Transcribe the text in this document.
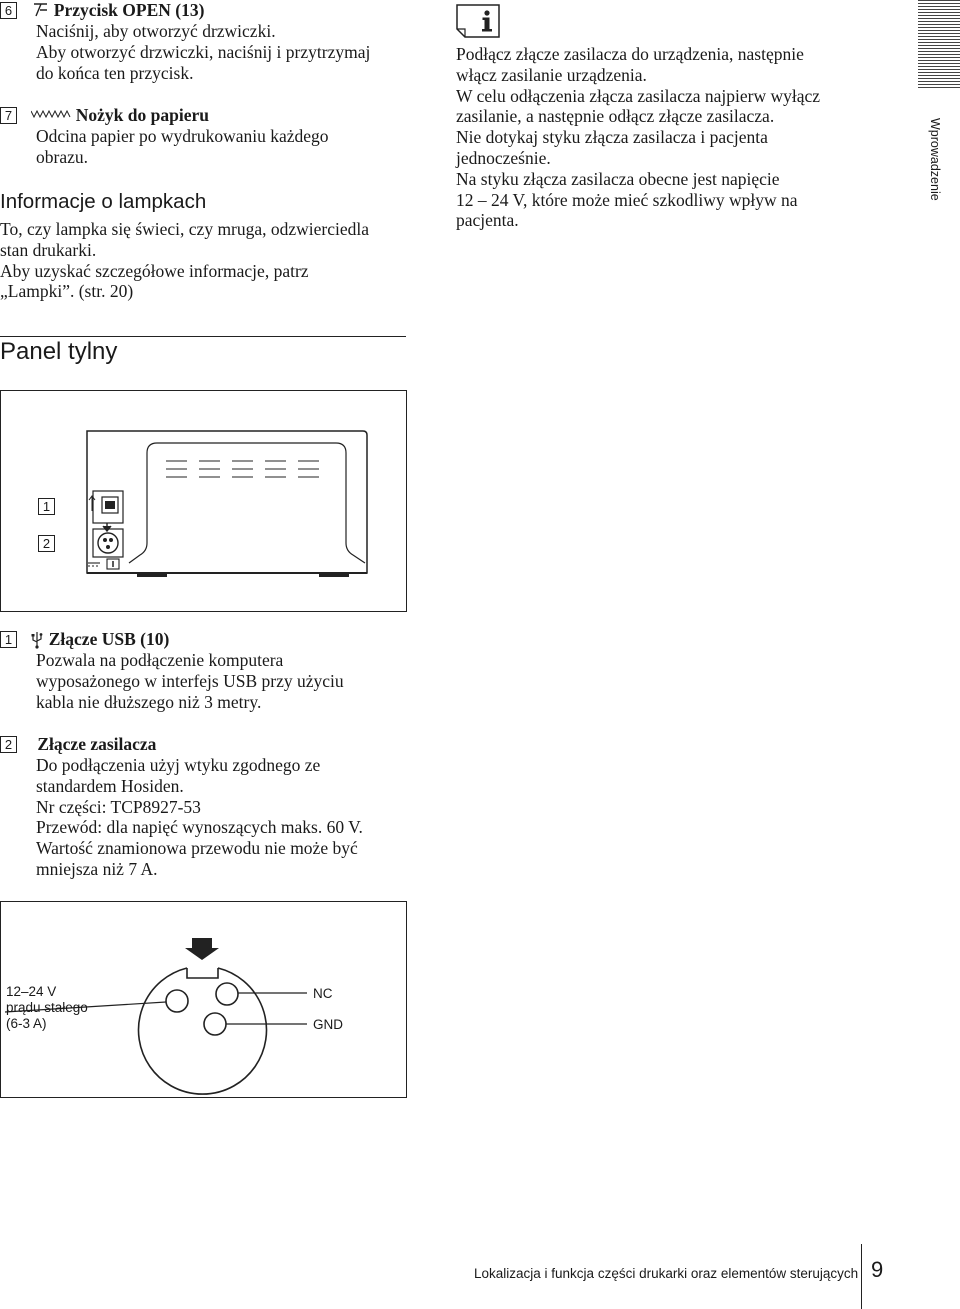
6 Przycisk OPEN (13)
Naciśnij, aby otworzyć drzwiczki.
Aby otworzyć drzwiczki, naciśnij i przytrzymaj
do końca ten przycisk.
7	Nożyk do papieru
Odcina papier po wydrukowaniu każdego
obrazu.
Informacje o lampkach
To, czy lampka się świeci, czy mruga, odzwierciedla
stan drukarki.
Aby uzyskać szczegółowe informacje, patrz
„Lampki”. (str. 20)
Podłącz złącze zasilacza do urządzenia, następnie
włącz zasilanie urządzenia.
W celu odłączenia złącza zasilacza najpierw wyłącz
zasilanie, a następnie odłącz złącze zasilacza.
Nie dotykaj styku złącza zasilacza i pacjenta
jednocześnie.
Na styku złącza zasilacza obecne jest napięcie
12 – 24 V, które może mieć szkodliwy wpływ na
pacjenta.
Wprowadzenie
Panel tylny
1
2
1 Złącze USB (10)
Pozwala na podłączenie komputera
wyposażonego w interfejs USB przy użyciu
kabla nie dłuższego niż 3 metry.
2 Złącze zasilacza
Do podłączenia użyj wtyku zgodnego ze
standardem Hosiden.
Nr części: TCP8927-53
Przewód: dla napięć wynoszących maks. 60 V.
Wartość znamionowa przewodu nie może być
mniejsza niż 7 A.
12–24 V
prądu stałego
(6-3 A)
NC
GND
Lokalizacja i funkcja części drukarki oraz elementów sterujących 9
